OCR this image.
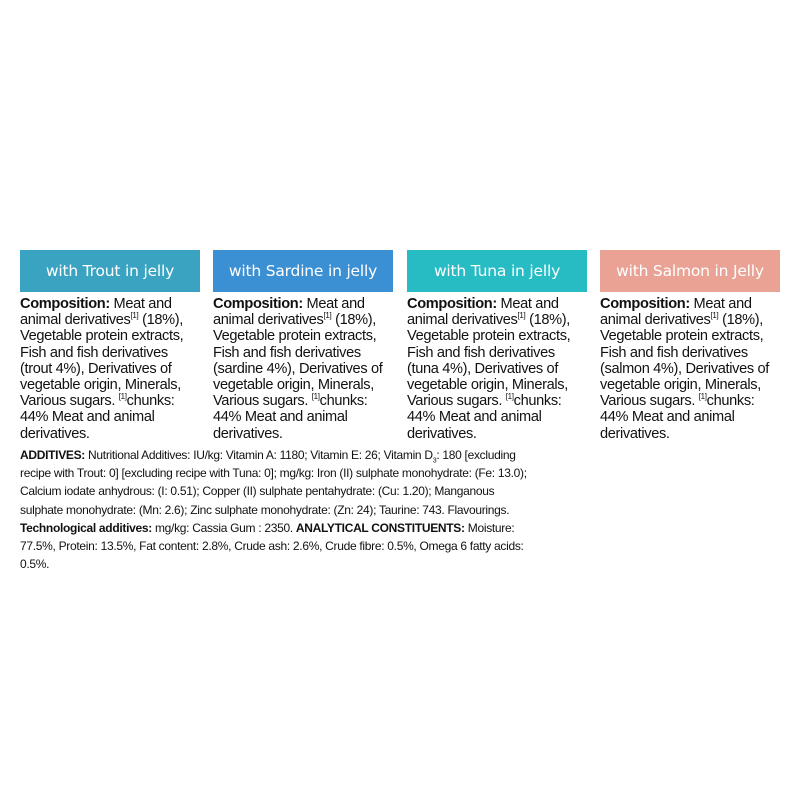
with Trout in jelly
Composition: Meat and animal derivatives[1] (18%), Vegetable protein extracts, Fish and fish derivatives (trout 4%), Derivatives of vegetable origin, Minerals, Various sugars. [1]chunks: 44% Meat and animal derivatives.
with Sardine in jelly
Composition: Meat and animal derivatives[1] (18%), Vegetable protein extracts, Fish and fish derivatives (sardine 4%), Derivatives of vegetable origin, Minerals, Various sugars. [1]chunks: 44% Meat and animal derivatives.
with Tuna in jelly
Composition: Meat and animal derivatives[1] (18%), Vegetable protein extracts, Fish and fish derivatives (tuna 4%), Derivatives of vegetable origin, Minerals, Various sugars. [1]chunks: 44% Meat and animal derivatives.
with Salmon in Jelly
Composition: Meat and animal derivatives[1] (18%), Vegetable protein extracts, Fish and fish derivatives (salmon 4%), Derivatives of vegetable origin, Minerals, Various sugars. [1]chunks: 44% Meat and animal derivatives.
ADDITIVES: Nutritional Additives: IU/kg: Vitamin A: 1180; Vitamin E: 26; Vitamin $D_3$: 180 [excluding recipe with Trout: 0] [excluding recipe with Tuna: 0]; mg/kg: Iron (II) sulphate monohydrate: (Fe: 13.0); Calcium iodate anhydrous: (I: 0.51); Copper (II) sulphate pentahydrate: (Cu: 1.20); Manganous sulphate monohydrate: (Mn: 2.6); Zinc sulphate monohydrate: (Zn: 24); Taurine: 743. Flavourings. Technological additives: mg/kg: Cassia Gum : 2350. ANALYTICAL CONSTITUENTS: Moisture: 77.5%, Protein: 13.5%, Fat content: 2.8%, Crude ash: 2.6%, Crude fibre: 0.5%, Omega 6 fatty acids: 0.5%.
